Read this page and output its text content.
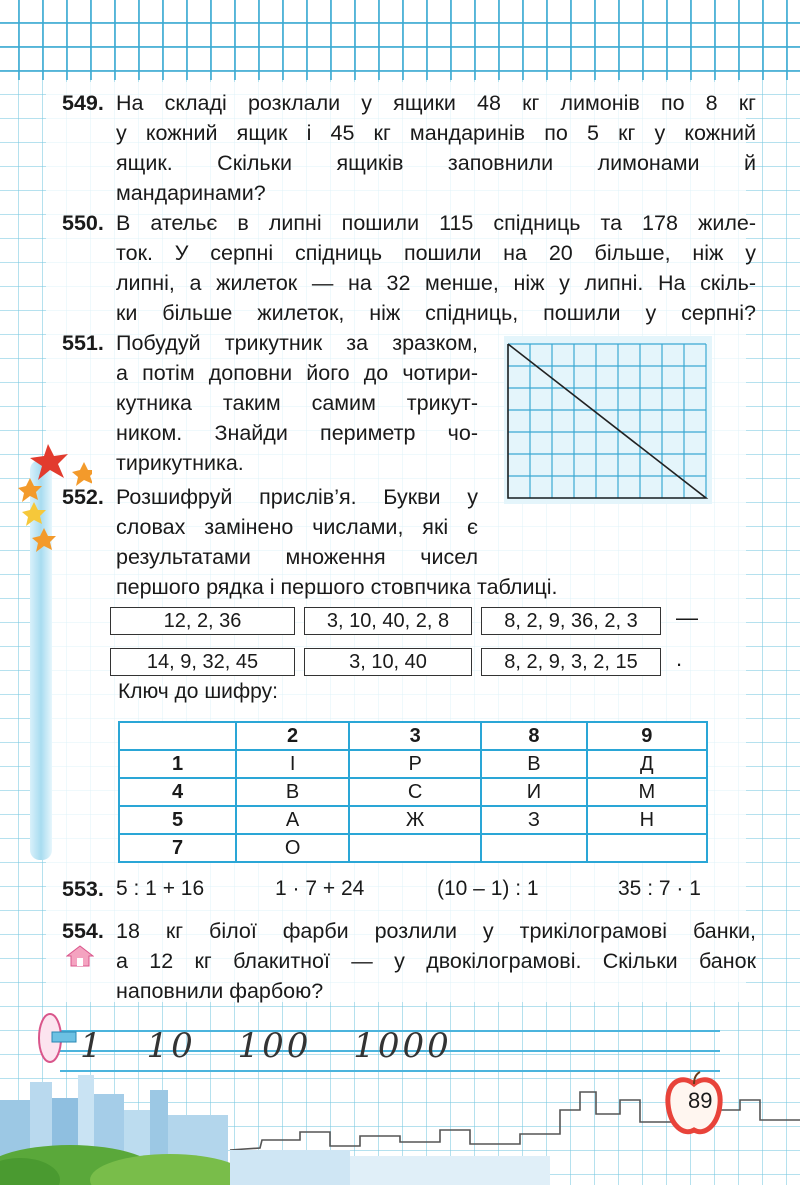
549. На складі розклали у ящики 48 кг лимонів по 8 кг
у кожний ящик і 45 кг мандаринів по 5 кг у кожний
ящик. Скільки ящиків заповнили лимонами й
мандаринами?
550. В ательє в липні пошили 115 спідниць та 178 жиле-
ток. У серпні спідниць пошили на 20 більше, ніж у
липні, а жилеток — на 32 менше, ніж у липні. На скіль-
ки більше жилеток, ніж спідниць, пошили у серпні?
551. Побудуй трикутник за зразком,
а потім доповни його до чотири-
кутника таким самим трикут-
ником. Знайди периметр чо-
тирикутника.
552. Розшифруй прислів’я. Букви у
словах замінено числами, які є
результатами множення чисел
першого рядка і першого стовпчика таблиці.
12, 2, 36	3, 10, 40, 2, 8	8, 2, 9, 36, 2, 3	—
14, 9, 32, 45	3, 10, 40	8, 2, 9, 3, 2, 15	.
Ключ до шифру:
	2	3	8	9
1	І	Р	В	Д
4	В	С	И	М
5	А	Ж	З	Н
7	О			
553. 5 : 1 + 16	1 · 7 + 24	(10 – 1) : 1	35 : 7 · 1
554. 18 кг білої фарби розлили у трикілограмові банки,
а 12 кг блакитної — у двокілограмові. Скільки банок
наповнили фарбою?
1 10 100 1000
89
